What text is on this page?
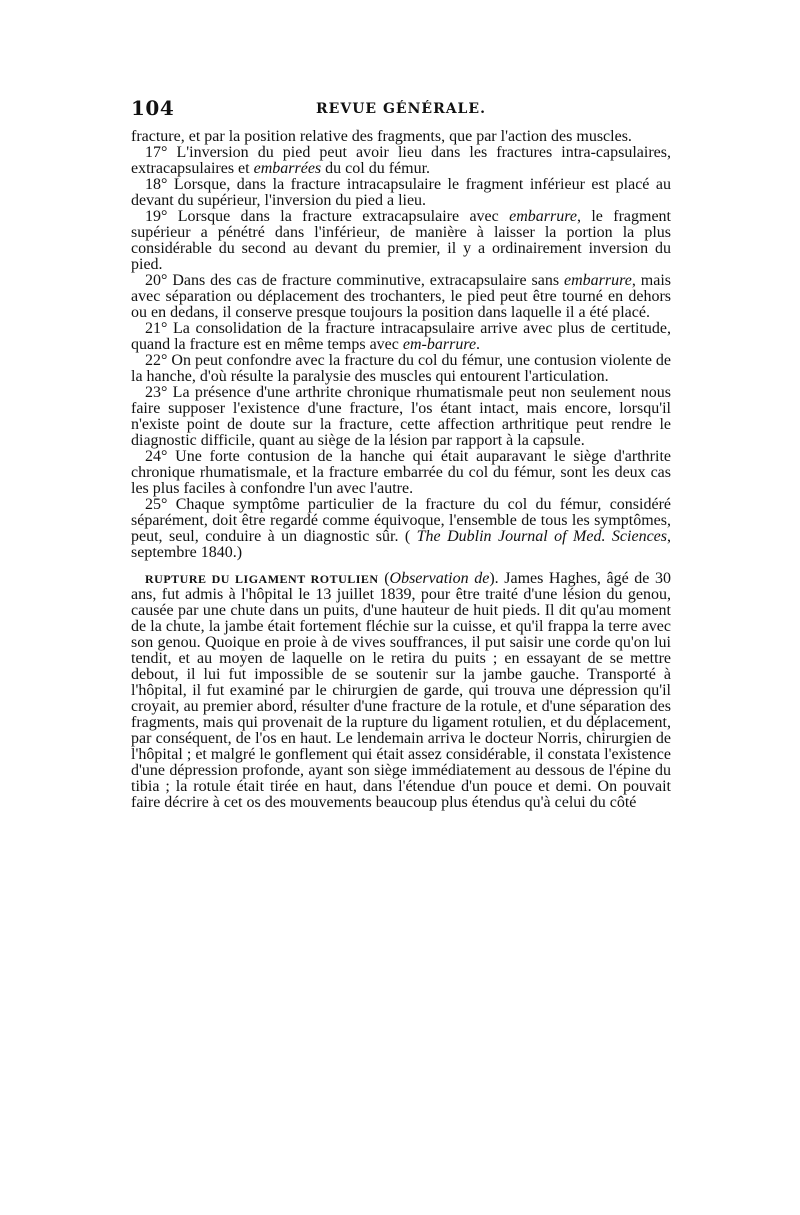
104	REVUE GÉNÉRALE.

fracture, et par la position relative des fragments, que par l'action des muscles.

17° L'inversion du pied peut avoir lieu dans les fractures intra-capsulaires, extracapsulaires et embarrées du col du fémur.

18° Lorsque, dans la fracture intracapsulaire le fragment inférieur est placé au devant du supérieur, l'inversion du pied a lieu.

19° Lorsque dans la fracture extracapsulaire avec embarrure, le fragment supérieur a pénétré dans l'inférieur, de manière à laisser la portion la plus considérable du second au devant du premier, il y a ordinairement inversion du pied.

20° Dans des cas de fracture comminutive, extracapsulaire sans embarrure, mais avec séparation ou déplacement des trochanters, le pied peut être tourné en dehors ou en dedans, il conserve presque toujours la position dans laquelle il a été placé.

21° La consolidation de la fracture intracapsulaire arrive avec plus de certitude, quand la fracture est en même temps avec em-barrure.

22° On peut confondre avec la fracture du col du fémur, une contusion violente de la hanche, d'où résulte la paralysie des muscles qui entourent l'articulation.

23° La présence d'une arthrite chronique rhumatismale peut non seulement nous faire supposer l'existence d'une fracture, l'os étant intact, mais encore, lorsqu'il n'existe point de doute sur la fracture, cette affection arthritique peut rendre le diagnostic difficile, quant au siège de la lésion par rapport à la capsule.

24° Une forte contusion de la hanche qui était auparavant le siège d'arthrite chronique rhumatismale, et la fracture embarrée du col du fémur, sont les deux cas les plus faciles à confondre l'un avec l'autre.

25° Chaque symptôme particulier de la fracture du col du fémur, considéré séparément, doit être regardé comme équivoque, l'ensemble de tous les symptômes, peut, seul, conduire à un diagnostic sûr. ( The Dublin Journal of Med. Sciences, septembre 1840.)

RUPTURE DU LIGAMENT ROTULIEN (Observation de). James Haghes, âgé de 30 ans, fut admis à l'hôpital le 13 juillet 1839, pour être traité d'une lésion du genou, causée par une chute dans un puits, d'une hauteur de huit pieds. Il dit qu'au moment de la chute, la jambe était fortement fléchie sur la cuisse, et qu'il frappa la terre avec son genou. Quoique en proie à de vives souffrances, il put saisir une corde qu'on lui tendit, et au moyen de laquelle on le retira du puits ; en essayant de se mettre debout, il lui fut impossible de se soutenir sur la jambe gauche. Transporté à l'hôpital, il fut examiné par le chirurgien de garde, qui trouva une dépression qu'il croyait, au premier abord, résulter d'une fracture de la rotule, et d'une séparation des fragments, mais qui provenait de la rupture du ligament rotulien, et du déplacement, par conséquent, de l'os en haut. Le lendemain arriva le docteur Norris, chirurgien de l'hôpital ; et malgré le gonflement qui était assez considérable, il constata l'existence d'une dépression profonde, ayant son siège immédiatement au dessous de l'épine du tibia ; la rotule était tirée en haut, dans l'étendue d'un pouce et demi. On pouvait faire décrire à cet os des mouvements beaucoup plus étendus qu'à celui du côté
